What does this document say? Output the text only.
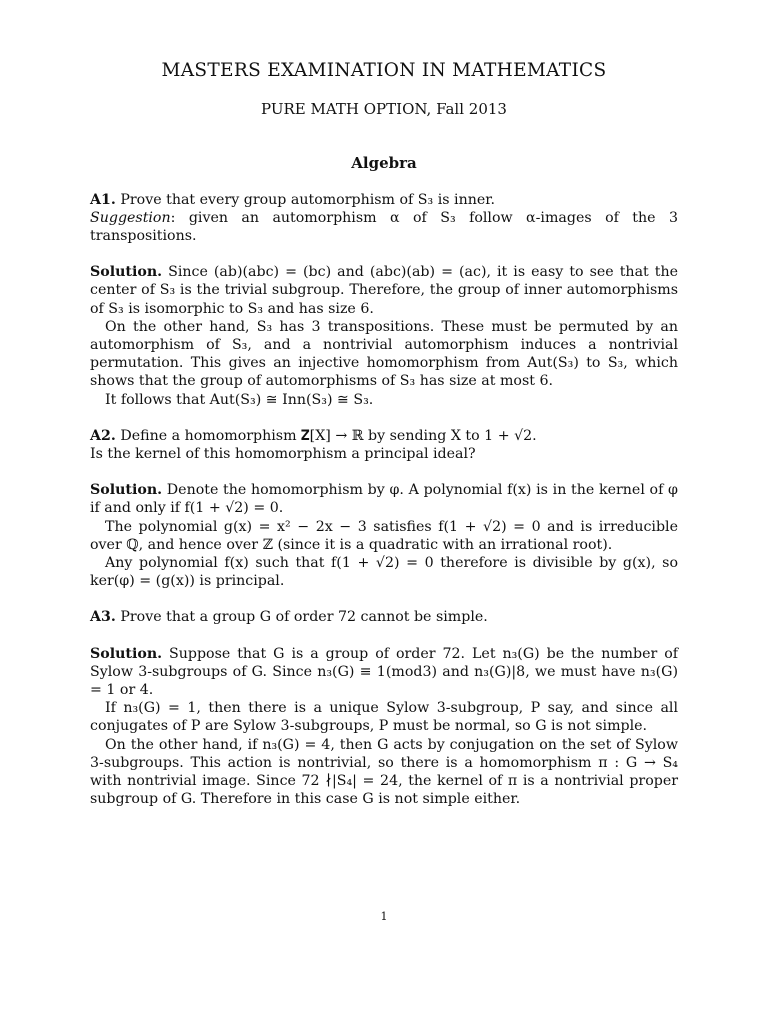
MASTERS EXAMINATION IN MATHEMATICS
PURE MATH OPTION, Fall 2013
Algebra

A1. Prove that every group automorphism of S₃ is inner.

Suggestion: given an automorphism α of S₃ follow α-images of the 3 transpositions.

Solution. Since (ab)(abc) = (bc) and (abc)(ab) = (ac), it is easy to see that the center of S₃ is the trivial subgroup. Therefore, the group of inner automorphisms of S₃ is isomorphic to S₃ and has size 6.

On the other hand, S₃ has 3 transpositions. These must be permuted by an automorphism of S₃, and a nontrivial automorphism induces a nontrivial permutation. This gives an injective homomorphism from Aut(S₃) to S₃, which shows that the group of automorphisms of S₃ has size at most 6.

It follows that Aut(S₃) ≅ Inn(S₃) ≅ S₃.

A2. Define a homomorphism 𝐙[X] → ℝ by sending X to 1 + √2.

Is the kernel of this homomorphism a principal ideal?

Solution. Denote the homomorphism by φ. A polynomial f(x) is in the kernel of φ if and only if f(1 + √2) = 0.

The polynomial g(x) = x² − 2x − 3 satisfies f(1 + √2) = 0 and is irreducible over ℚ, and hence over ℤ (since it is a quadratic with an irrational root).

Any polynomial f(x) such that f(1 + √2) = 0 therefore is divisible by g(x), so ker(φ) = (g(x)) is principal.

A3. Prove that a group G of order 72 cannot be simple.

Solution. Suppose that G is a group of order 72. Let n₃(G) be the number of Sylow 3-subgroups of G. Since n₃(G) ≡ 1(mod3) and n₃(G)|8, we must have n₃(G) = 1 or 4.

If n₃(G) = 1, then there is a unique Sylow 3-subgroup, P say, and since all conjugates of P are Sylow 3-subgroups, P must be normal, so G is not simple.

On the other hand, if n₃(G) = 4, then G acts by conjugation on the set of Sylow 3-subgroups. This action is nontrivial, so there is a homomorphism π : G → S₄ with nontrivial image. Since 72 ∤|S₄| = 24, the kernel of π is a nontrivial proper subgroup of G. Therefore in this case G is not simple either.

1
